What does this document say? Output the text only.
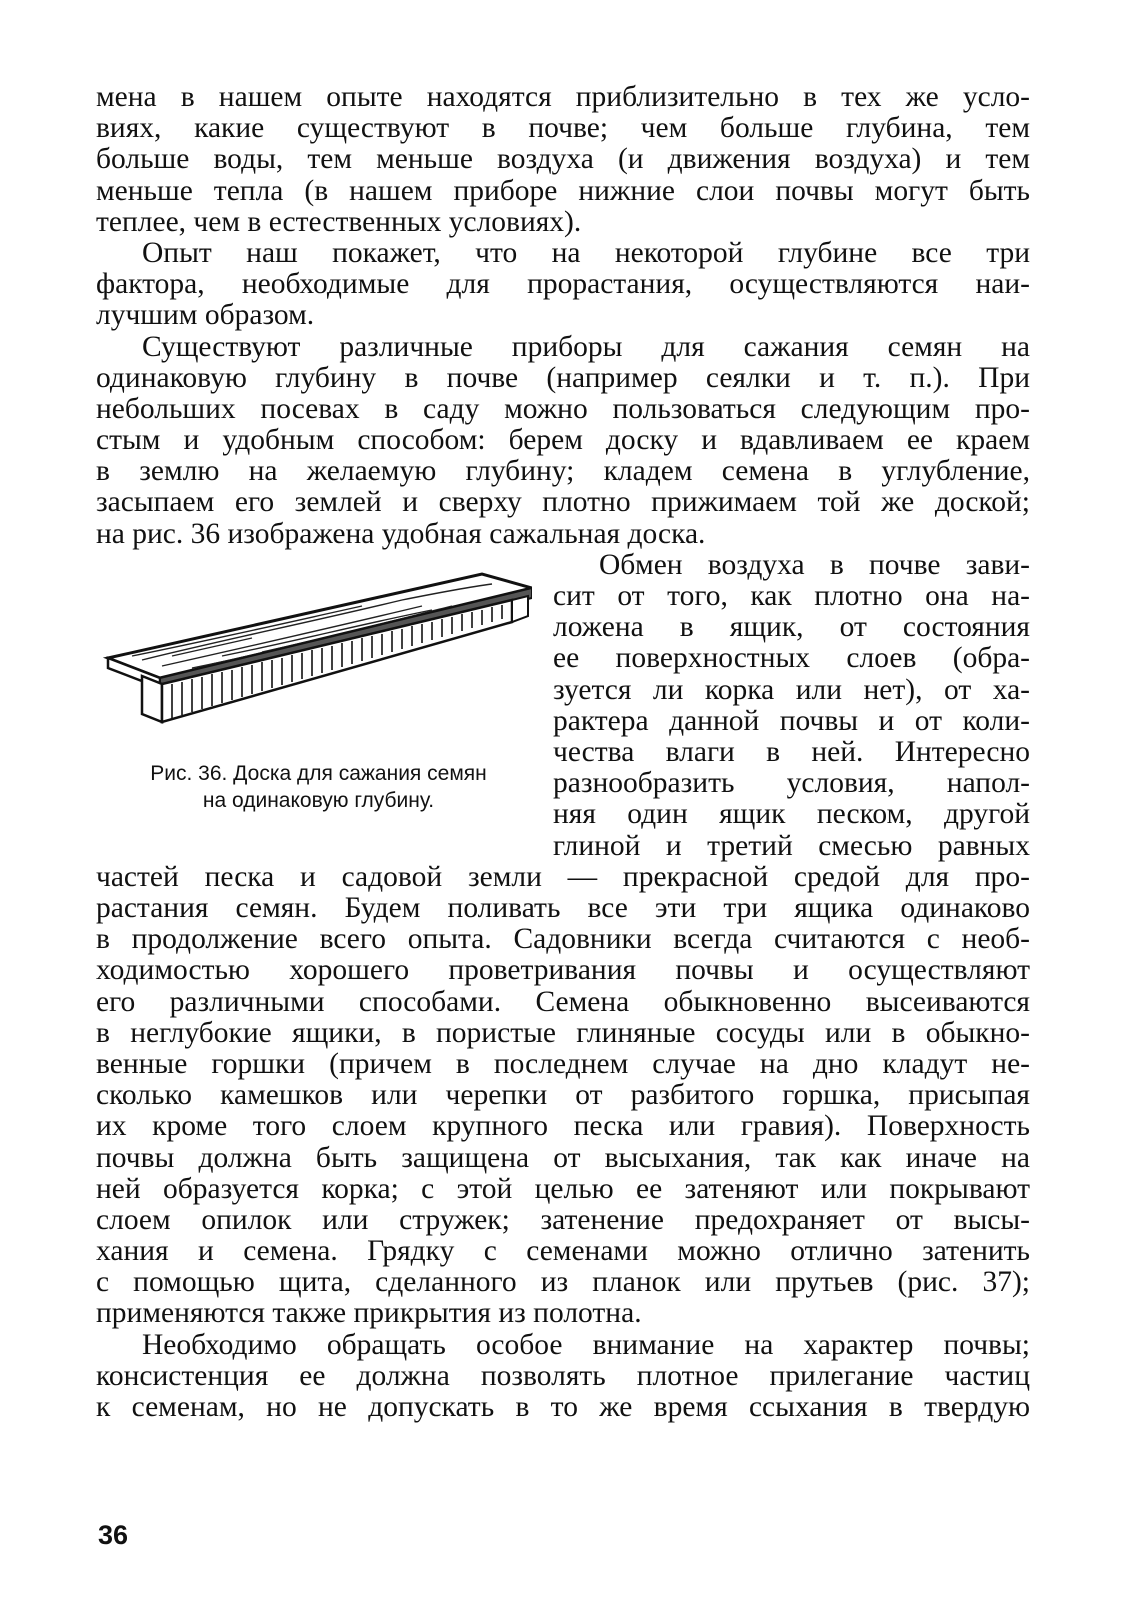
мена в нашем опыте находятся приблизительно в тех же усло-
виях, какие существуют в почве; чем больше глубина, тем
больше воды, тем меньше воздуха (и движения воздуха) и тем
меньше тепла (в нашем приборе нижние слои почвы могут быть
теплее, чем в естественных условиях).
Опыт наш покажет, что на некоторой глубине все три
фактора, необходимые для прорастания, осуществляются наи-
лучшим образом.
Существуют различные приборы для сажания семян на
одинаковую глубину в почве (например сеялки и т. п.). При
небольших посевах в саду можно пользоваться следующим про-
стым и удобным способом: берем доску и вдавливаем ее краем
в землю на желаемую глубину; кладем семена в углубление,
засыпаем его землей и сверху плотно прижимаем той же доской;
на рис. 36 изображена удобная сажальная доска.
Рис. 36. Доска для сажания семян
на одинаковую глубину.
Обмен воздуха в почве зави-
сит от того, как плотно она на-
ложена в ящик, от состояния
ее поверхностных слоев (обра-
зуется ли корка или нет), от ха-
рактера данной почвы и от коли-
чества влаги в ней. Интересно
разнообразить условия, напол-
няя один ящик песком, другой
глиной и третий смесью равных
частей песка и садовой земли — прекрасной средой для про-
растания семян. Будем поливать все эти три ящика одинаково
в продолжение всего опыта. Садовники всегда считаются с необ-
ходимостью хорошего проветривания почвы и осуществляют
его различными способами. Семена обыкновенно высеиваются
в неглубокие ящики, в пористые глиняные сосуды или в обыкно-
венные горшки (причем в последнем случае на дно кладут не-
сколько камешков или черепки от разбитого горшка, присыпая
их кроме того слоем крупного песка или гравия). Поверхность
почвы должна быть защищена от высыхания, так как иначе на
ней образуется корка; с этой целью ее затеняют или покрывают
слоем опилок или стружек; затенение предохраняет от высы-
хания и семена. Грядку с семенами можно отлично затенить
с помощью щита, сделанного из планок или прутьев (рис. 37);
применяются также прикрытия из полотна.
Необходимо обращать особое внимание на характер почвы;
консистенция ее должна позволять плотное прилегание частиц
к семенам, но не допускать в то же время ссыхания в твердую
36
